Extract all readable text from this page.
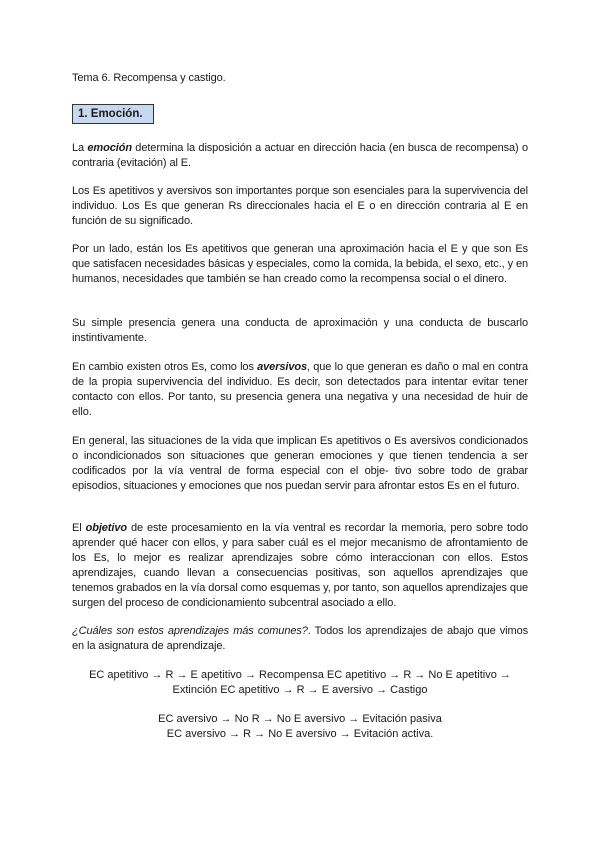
Tema 6. Recompensa y castigo.
1. Emoción.

La emoción determina la disposición a actuar en dirección hacia (en busca de recompensa) o contraria (evitación) al E.

Los Es apetitivos y aversivos son importantes porque son esenciales para la supervivencia del individuo. Los Es que generan Rs direccionales hacia el E o en dirección contraria al E en función de su significado.

Por un lado, están los Es apetitivos que generan una aproximación hacia el E y que son Es que satisfacen necesidades básicas y especiales, como la comida, la bebida, el sexo, etc., y en humanos, necesidades que también se han creado como la recompensa social o el dinero.

Su simple presencia genera una conducta de aproximación y una conducta de buscarlo instintivamente.

En cambio existen otros Es, como los aversivos, que lo que generan es daño o mal en contra de la propia supervivencia del individuo. Es decir, son detectados para intentar evitar tener contacto con ellos. Por tanto, su presencia genera una negativa y una necesidad de huir de ello.

En general, las situaciones de la vida que implican Es apetitivos o Es aversivos condicionados o incondicionados son situaciones que generan emociones y que tienen tendencia a ser codificados por la vía ventral de forma especial con el obje- tivo sobre todo de grabar episodios, situaciones y emociones que nos puedan servir para afrontar estos Es en el futuro.

El objetivo de este procesamiento en la vía ventral es recordar la memoria, pero sobre todo aprender qué hacer con ellos, y para saber cuál es el mejor mecanismo de afrontamiento de los Es, lo mejor es realizar aprendizajes sobre cómo interaccionan con ellos. Estos aprendizajes, cuando llevan a consecuencias positivas, son aquellos aprendizajes que tenemos grabados en la vía dorsal como esquemas y, por tanto, son aquellos aprendizajes que surgen del proceso de condicionamiento subcentral asociado a ello.

¿Cuáles son estos aprendizajes más comunes?. Todos los aprendizajes de abajo que vimos en la asignatura de aprendizaje.

EC apetitivo → R → E apetitivo → Recompensa EC apetitivo → R → No E apetitivo →
Extinción EC apetitivo → R → E aversivo → Castigo
EC aversivo → No R → No E aversivo → Evitación pasiva
EC aversivo → R → No E aversivo → Evitación activa.
